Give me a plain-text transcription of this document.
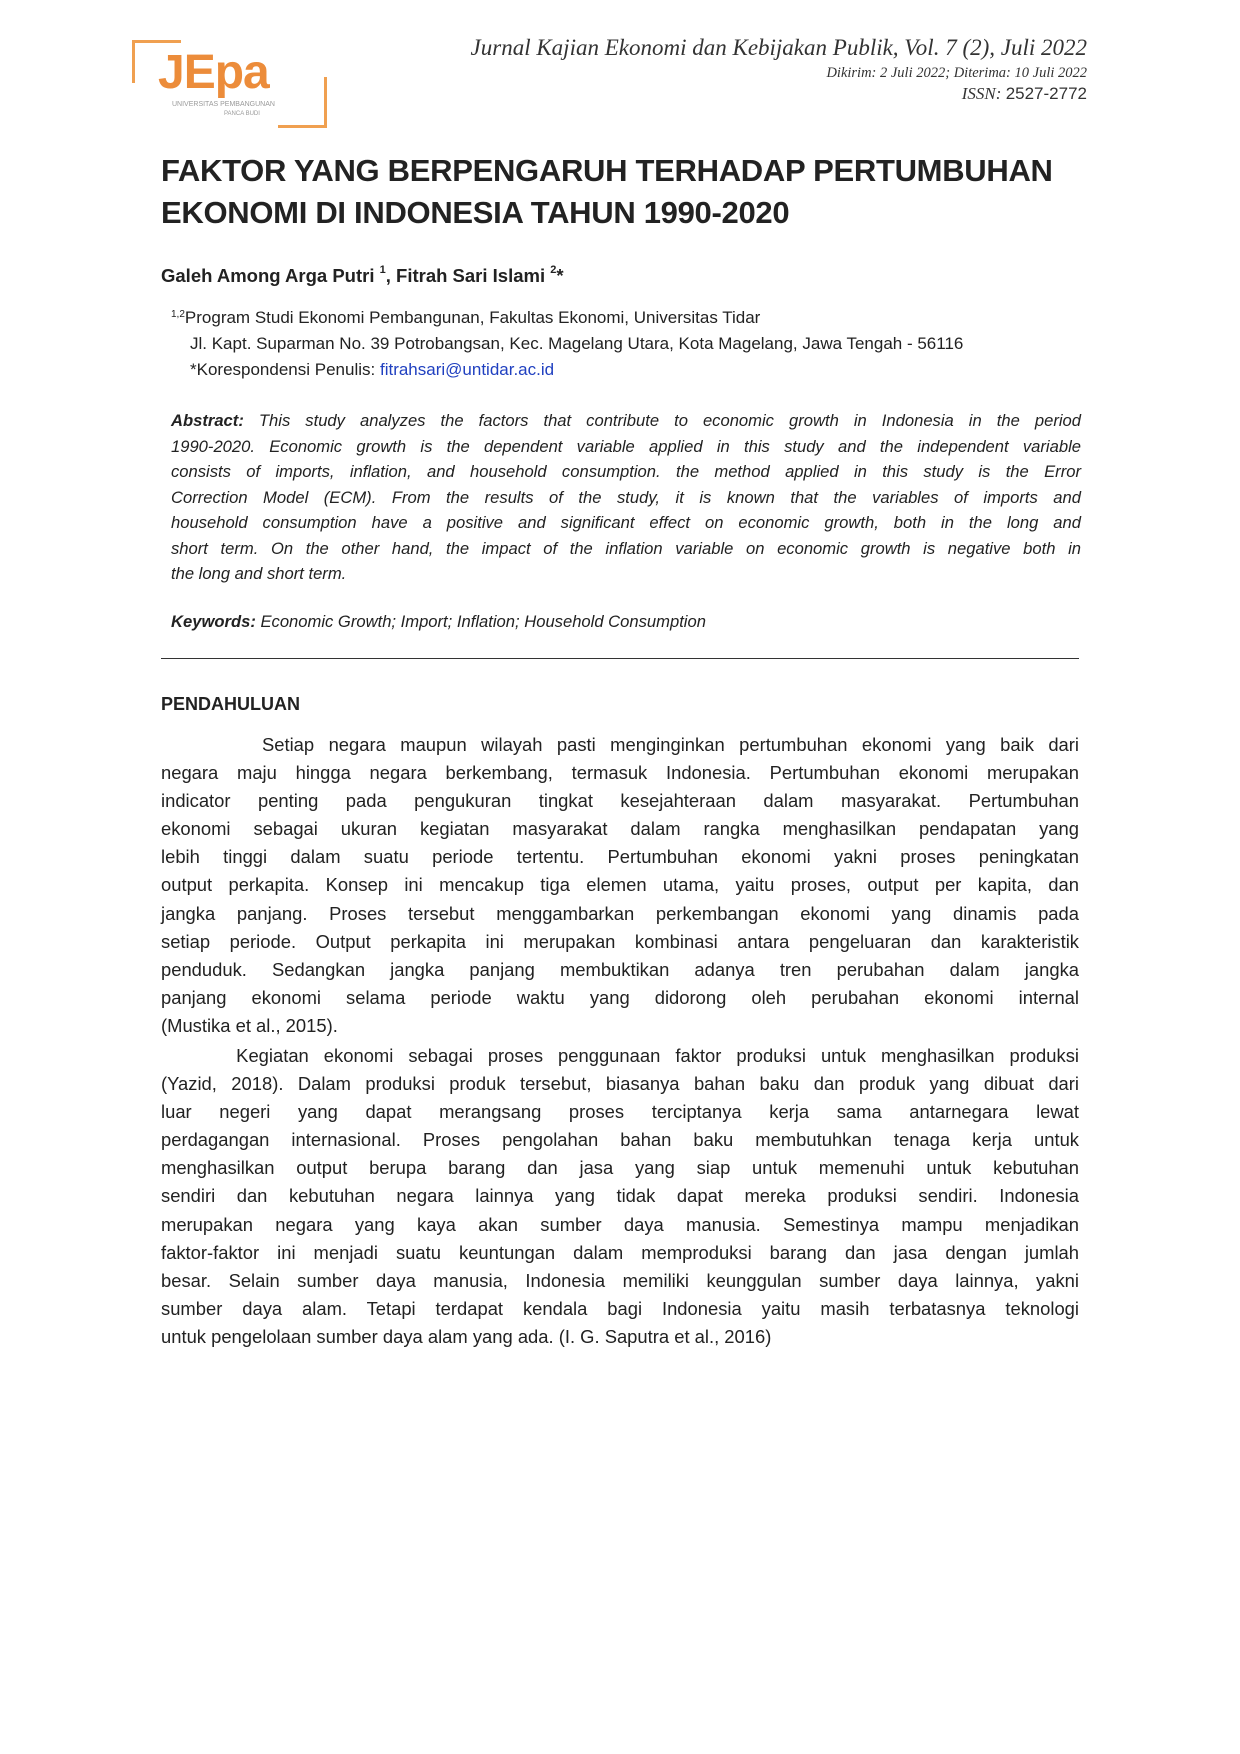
JEpa
UNIVERSITAS PEMBANGUNAN
PANCA BUDI
Jurnal Kajian Ekonomi dan Kebijakan Publik, Vol. 7 (2), Juli 2022
Dikirim: 2 Juli 2022; Diterima: 10 Juli 2022
ISSN: 2527-2772
FAKTOR YANG BERPENGARUH TERHADAP PERTUMBUHAN
EKONOMI DI INDONESIA TAHUN 1990-2020
Galeh Among Arga Putri $^1$, Fitrah Sari Islami $^2$*
$^{1,2}$Program Studi Ekonomi Pembangunan, Fakultas Ekonomi, Universitas Tidar
Jl. Kapt. Suparman No. 39 Potrobangsan, Kec. Magelang Utara, Kota Magelang, Jawa Tengah - 56116
*Korespondensi Penulis: fitrahsari@untidar.ac.id
Abstract: This study analyzes the factors that contribute to economic growth in Indonesia in the period
1990-2020. Economic growth is the dependent variable applied in this study and the independent variable
consists of imports, inflation, and household consumption. the method applied in this study is the Error
Correction Model (ECM). From the results of the study, it is known that the variables of imports and
household consumption have a positive and significant effect on economic growth, both in the long and
short term. On the other hand, the impact of the inflation variable on economic growth is negative both in
the long and short term.
Keywords: Economic Growth; Import; Inflation; Household Consumption
PENDAHULUAN
Setiap negara maupun wilayah pasti menginginkan pertumbuhan ekonomi yang baik dari
negara maju hingga negara berkembang, termasuk Indonesia. Pertumbuhan ekonomi merupakan
indicator penting pada pengukuran tingkat kesejahteraan dalam masyarakat. Pertumbuhan
ekonomi sebagai ukuran kegiatan masyarakat dalam rangka menghasilkan pendapatan yang
lebih tinggi dalam suatu periode tertentu. Pertumbuhan ekonomi yakni proses peningkatan
output perkapita. Konsep ini mencakup tiga elemen utama, yaitu proses, output per kapita, dan
jangka panjang. Proses tersebut menggambarkan perkembangan ekonomi yang dinamis pada
setiap periode. Output perkapita ini merupakan kombinasi antara pengeluaran dan karakteristik
penduduk. Sedangkan jangka panjang membuktikan adanya tren perubahan dalam jangka
panjang ekonomi selama periode waktu yang didorong oleh perubahan ekonomi internal
(Mustika et al., 2015).
Kegiatan ekonomi sebagai proses penggunaan faktor produksi untuk menghasilkan produksi
(Yazid, 2018). Dalam produksi produk tersebut, biasanya bahan baku dan produk yang dibuat dari
luar negeri yang dapat merangsang proses terciptanya kerja sama antarnegara lewat
perdagangan internasional. Proses pengolahan bahan baku membutuhkan tenaga kerja untuk
menghasilkan output berupa barang dan jasa yang siap untuk memenuhi untuk kebutuhan
sendiri dan kebutuhan negara lainnya yang tidak dapat mereka produksi sendiri. Indonesia
merupakan negara yang kaya akan sumber daya manusia. Semestinya mampu menjadikan
faktor-faktor ini menjadi suatu keuntungan dalam memproduksi barang dan jasa dengan jumlah
besar. Selain sumber daya manusia, Indonesia memiliki keunggulan sumber daya lainnya, yakni
sumber daya alam. Tetapi terdapat kendala bagi Indonesia yaitu masih terbatasnya teknologi
untuk pengelolaan sumber daya alam yang ada. (I. G. Saputra et al., 2016)
